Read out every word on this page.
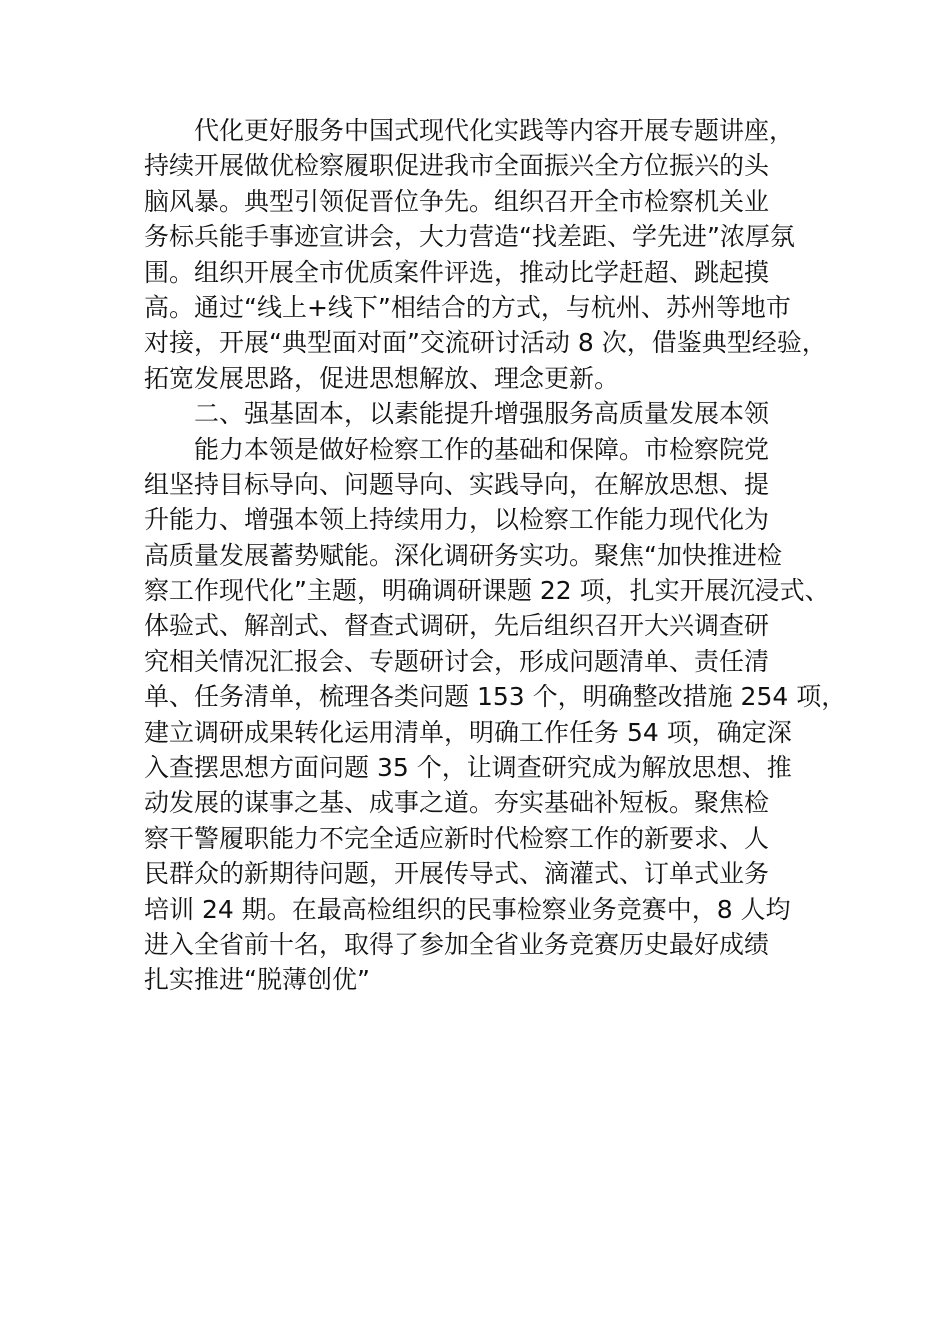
代化更好服务中国式现代化实践等内容开展专题讲座，
持续开展做优检察履职促进我市全面振兴全方位振兴的头
脑风暴。典型引领促晋位争先。组织召开全市检察机关业
务标兵能手事迹宣讲会，大力营造“找差距、学先进”浓厚氛
围。组织开展全市优质案件评选，推动比学赶超、跳起摸
高。通过“线上+线下”相结合的方式，与杭州、苏州等地市
对接，开展“典型面对面”交流研讨活动 8 次，借鉴典型经验，
拓宽发展思路，促进思想解放、理念更新。
二、强基固本，以素能提升增强服务高质量发展本领
能力本领是做好检察工作的基础和保障。市检察院党
组坚持目标导向、问题导向、实践导向，在解放思想、提
升能力、增强本领上持续用力，以检察工作能力现代化为
高质量发展蓄势赋能。深化调研务实功。聚焦“加快推进检
察工作现代化”主题，明确调研课题 22 项，扎实开展沉浸式、
体验式、解剖式、督查式调研，先后组织召开大兴调查研
究相关情况汇报会、专题研讨会，形成问题清单、责任清
单、任务清单，梳理各类问题 153 个，明确整改措施 254 项，
建立调研成果转化运用清单，明确工作任务 54 项，确定深
入查摆思想方面问题 35 个，让调查研究成为解放思想、推
动发展的谋事之基、成事之道。夯实基础补短板。聚焦检
察干警履职能力不完全适应新时代检察工作的新要求、人
民群众的新期待问题，开展传导式、滴灌式、订单式业务
培训 24 期。在最高检组织的民事检察业务竞赛中，8 人均
进入全省前十名，取得了参加全省业务竞赛历史最好成绩
扎实推进“脱薄创优”
